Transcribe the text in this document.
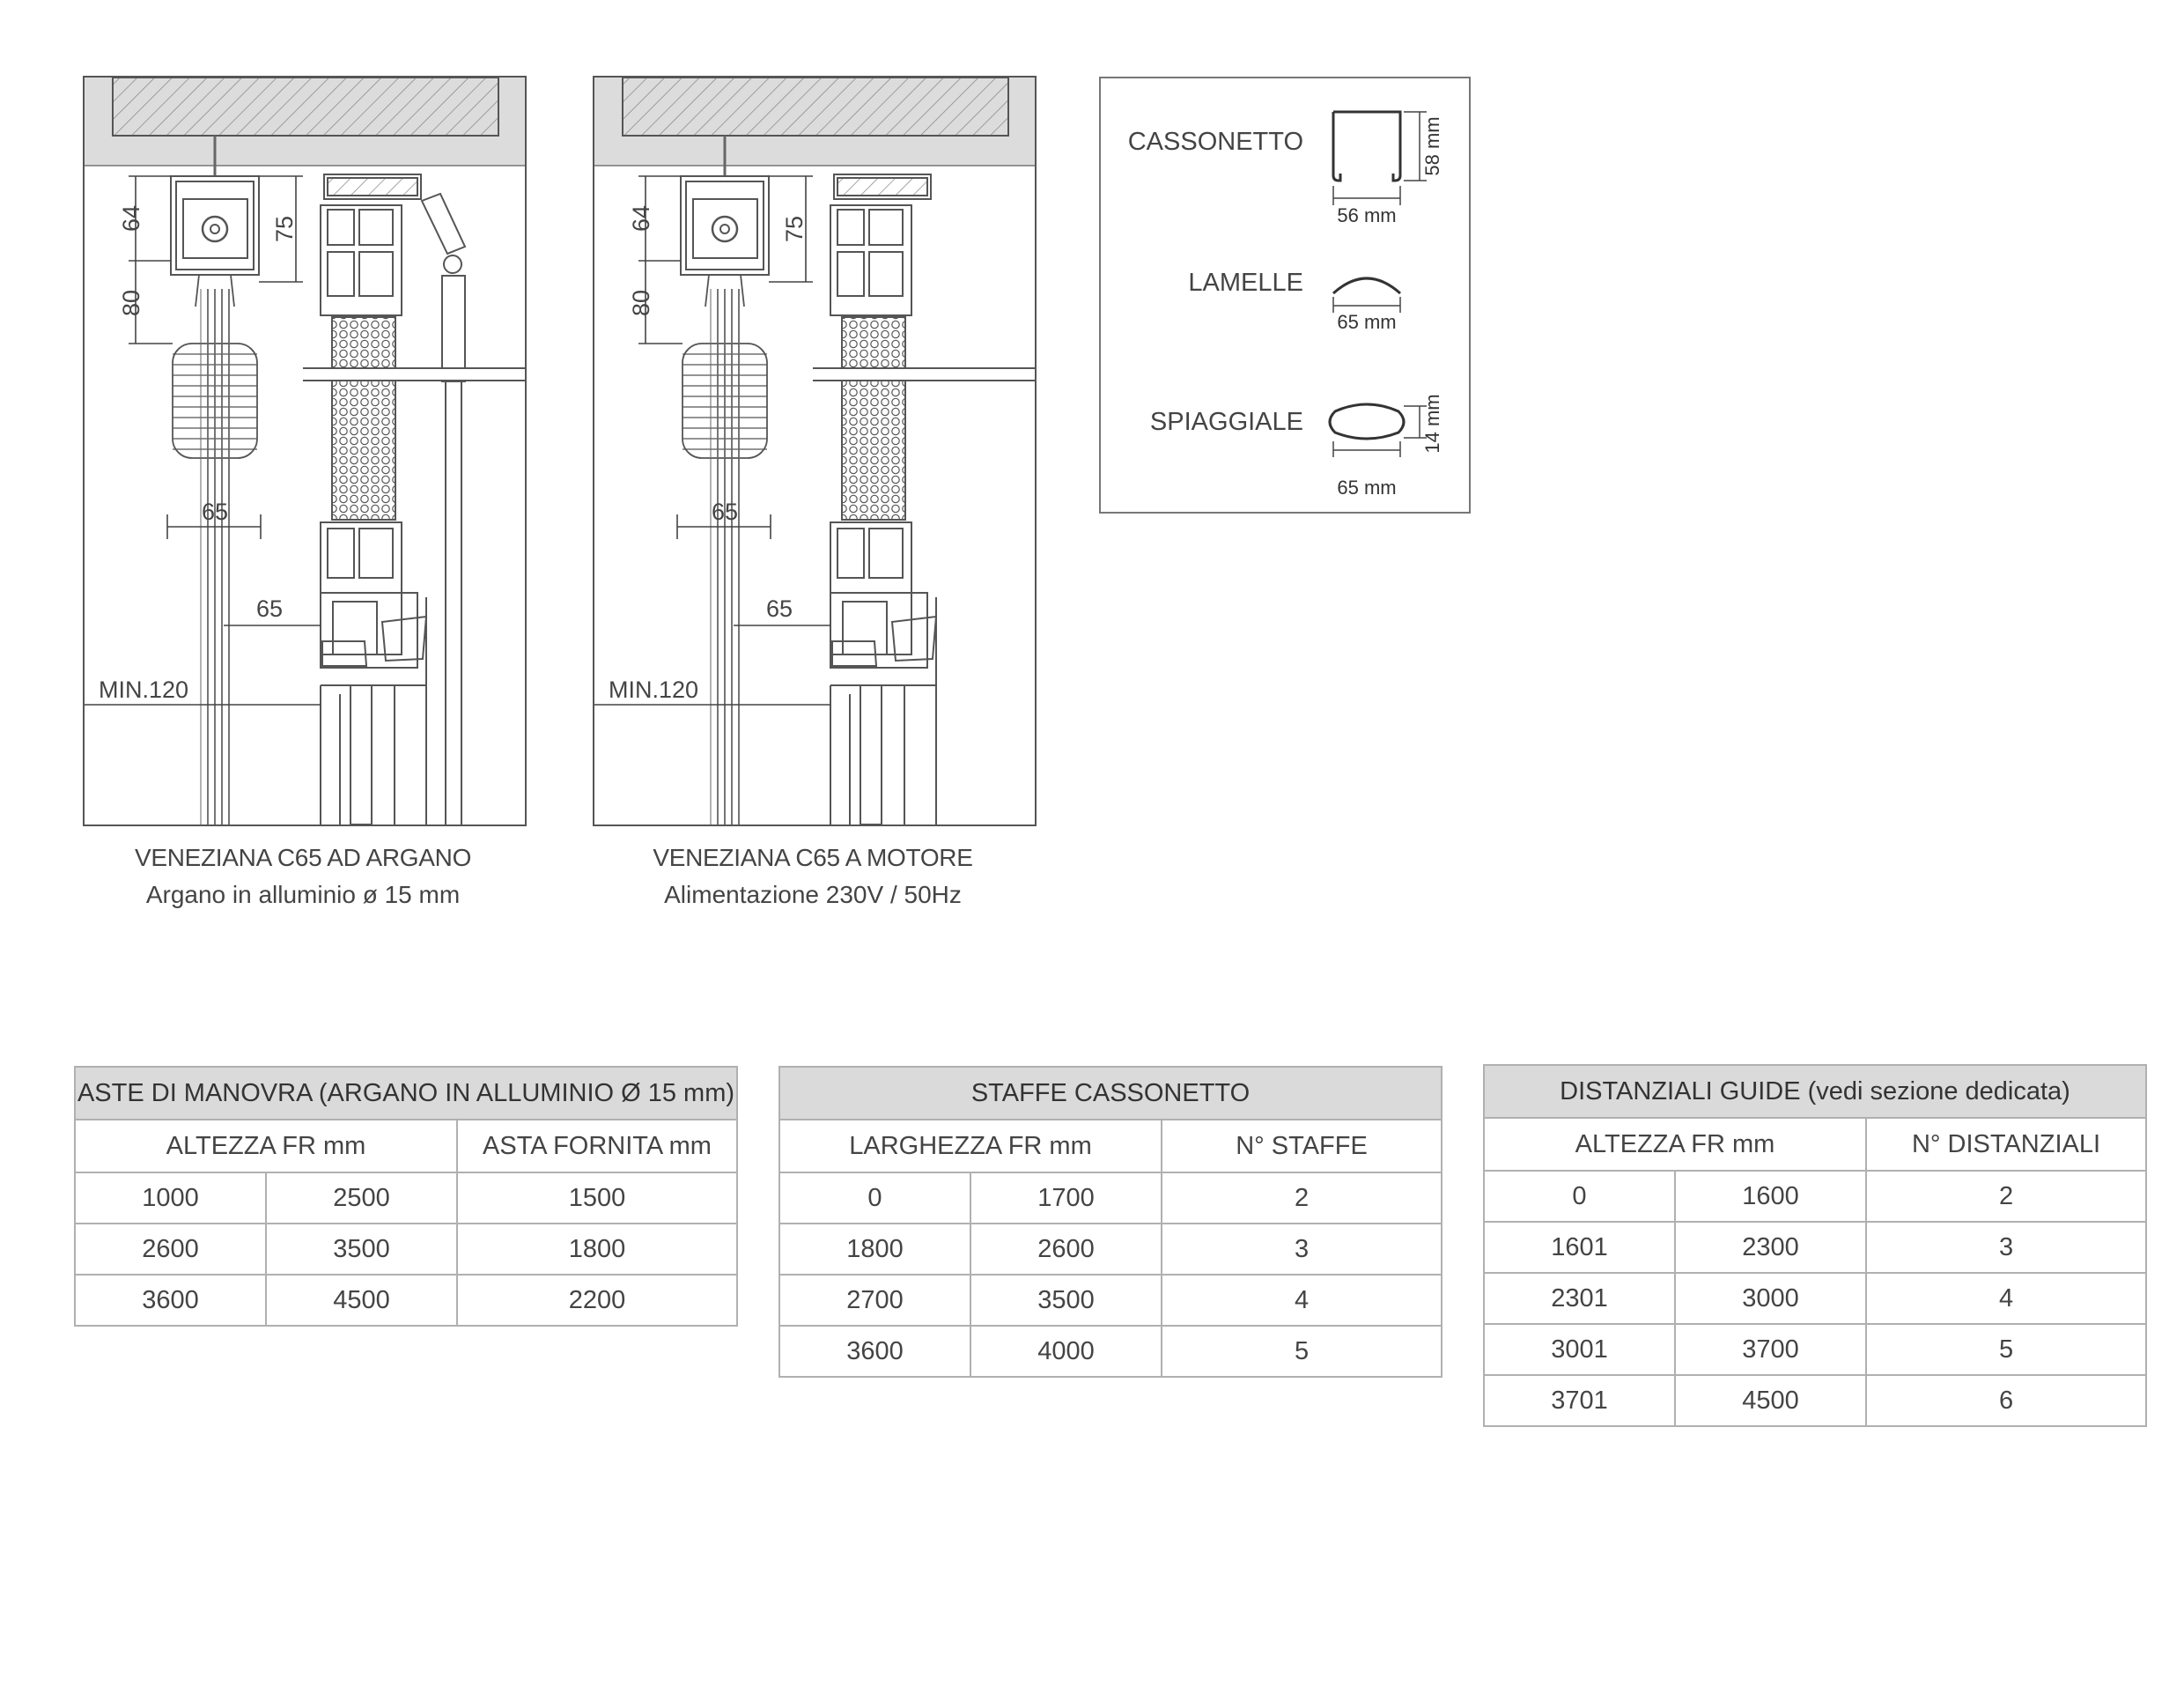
64	75
80
65
65
MIN.120
64	75
80
65
65
MIN.120
VENEZIANA C65 AD ARGANO
Argano in alluminio ø 15 mm
VENEZIANA C65 A MOTORE
Alimentazione 230V / 50Hz
58 mm
56 mm
65 mm
14 mm
65 mm
CASSONETTO
LAMELLE
SPIAGGIALE
ASTE DI MANOVRA (ARGANO IN ALLUMINIO Ø 15 mm)		
ALTEZZA FR mm		ASTA FORNITA mm
1000	2500	1500
2600	3500	1800
3600	4500	2200
STAFFE CASSONETTO		
LARGHEZZA FR mm		N° STAFFE
0	1700	2
1800	2600	3
2700	3500	4
3600	4000	5
DISTANZIALI GUIDE (vedi sezione dedicata)		
ALTEZZA FR mm		N° DISTANZIALI
0	1600	2
1601	2300	3
2301	3000	4
3001	3700	5
3701	4500	6
